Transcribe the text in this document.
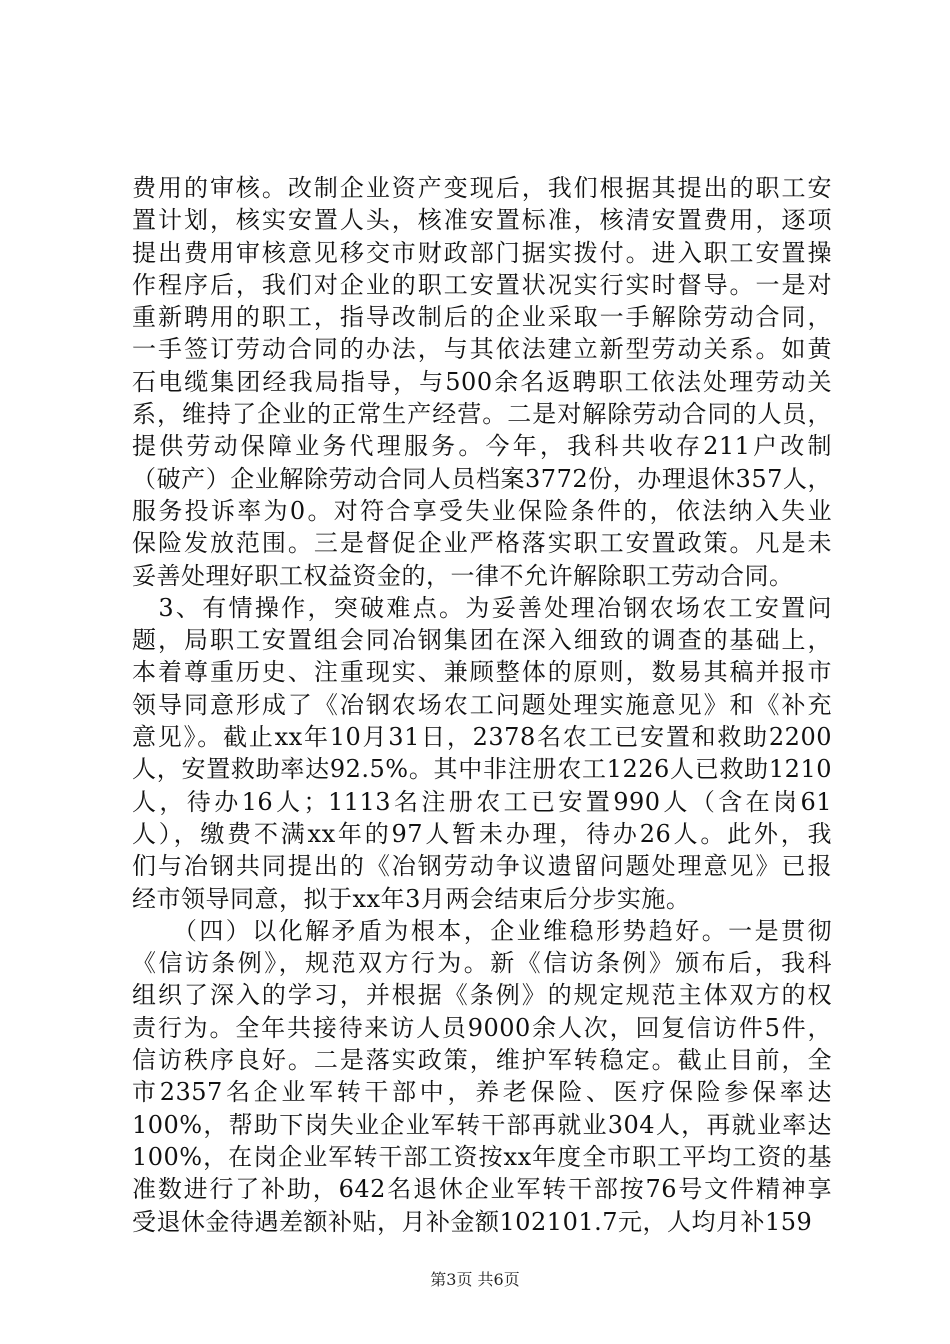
费用的审核。改制企业资产变现后，我们根据其提出的职工安
置计划，核实安置人头，核准安置标准，核清安置费用，逐项
提出费用审核意见移交市财政部门据实拨付。进入职工安置操
作程序后，我们对企业的职工安置状况实行实时督导。一是对
重新聘用的职工，指导改制后的企业采取一手解除劳动合同，
一手签订劳动合同的办法，与其依法建立新型劳动关系。如黄
石电缆集团经我局指导，与500余名返聘职工依法处理劳动关
系，维持了企业的正常生产经营。二是对解除劳动合同的人员，
提供劳动保障业务代理服务。今年，我科共收存211户改制
（破产）企业解除劳动合同人员档案3772份，办理退休357人，
服务投诉率为0。对符合享受失业保险条件的，依法纳入失业
保险发放范围。三是督促企业严格落实职工安置政策。凡是未
妥善处理好职工权益资金的，一律不允许解除职工劳动合同。
　3、有情操作，突破难点。为妥善处理冶钢农场农工安置问
题，局职工安置组会同冶钢集团在深入细致的调查的基础上，
本着尊重历史、注重现实、兼顾整体的原则，数易其稿并报市
领导同意形成了《冶钢农场农工问题处理实施意见》和《补充
意见》。截止xx年10月31日，2378名农工已安置和救助2200
人，安置救助率达92.5%。其中非注册农工1226人已救助1210
人，待办16人；1113名注册农工已安置990人（含在岗61
人），缴费不满xx年的97人暂未办理，待办26人。此外，我
们与冶钢共同提出的《冶钢劳动争议遗留问题处理意见》已报
经市领导同意，拟于xx年3月两会结束后分步实施。
　　（四）以化解矛盾为根本，企业维稳形势趋好。一是贯彻
《信访条例》，规范双方行为。新《信访条例》颁布后，我科
组织了深入的学习，并根据《条例》的规定规范主体双方的权
责行为。全年共接待来访人员9000余人次，回复信访件5件，
信访秩序良好。二是落实政策，维护军转稳定。截止目前，全
市2357名企业军转干部中，养老保险、医疗保险参保率达
100%，帮助下岗失业企业军转干部再就业304人，再就业率达
100%，在岗企业军转干部工资按xx年度全市职工平均工资的基
准数进行了补助，642名退休企业军转干部按76号文件精神享
受退休金待遇差额补贴，月补金额102101.7元，人均月补159
第3页 共6页
